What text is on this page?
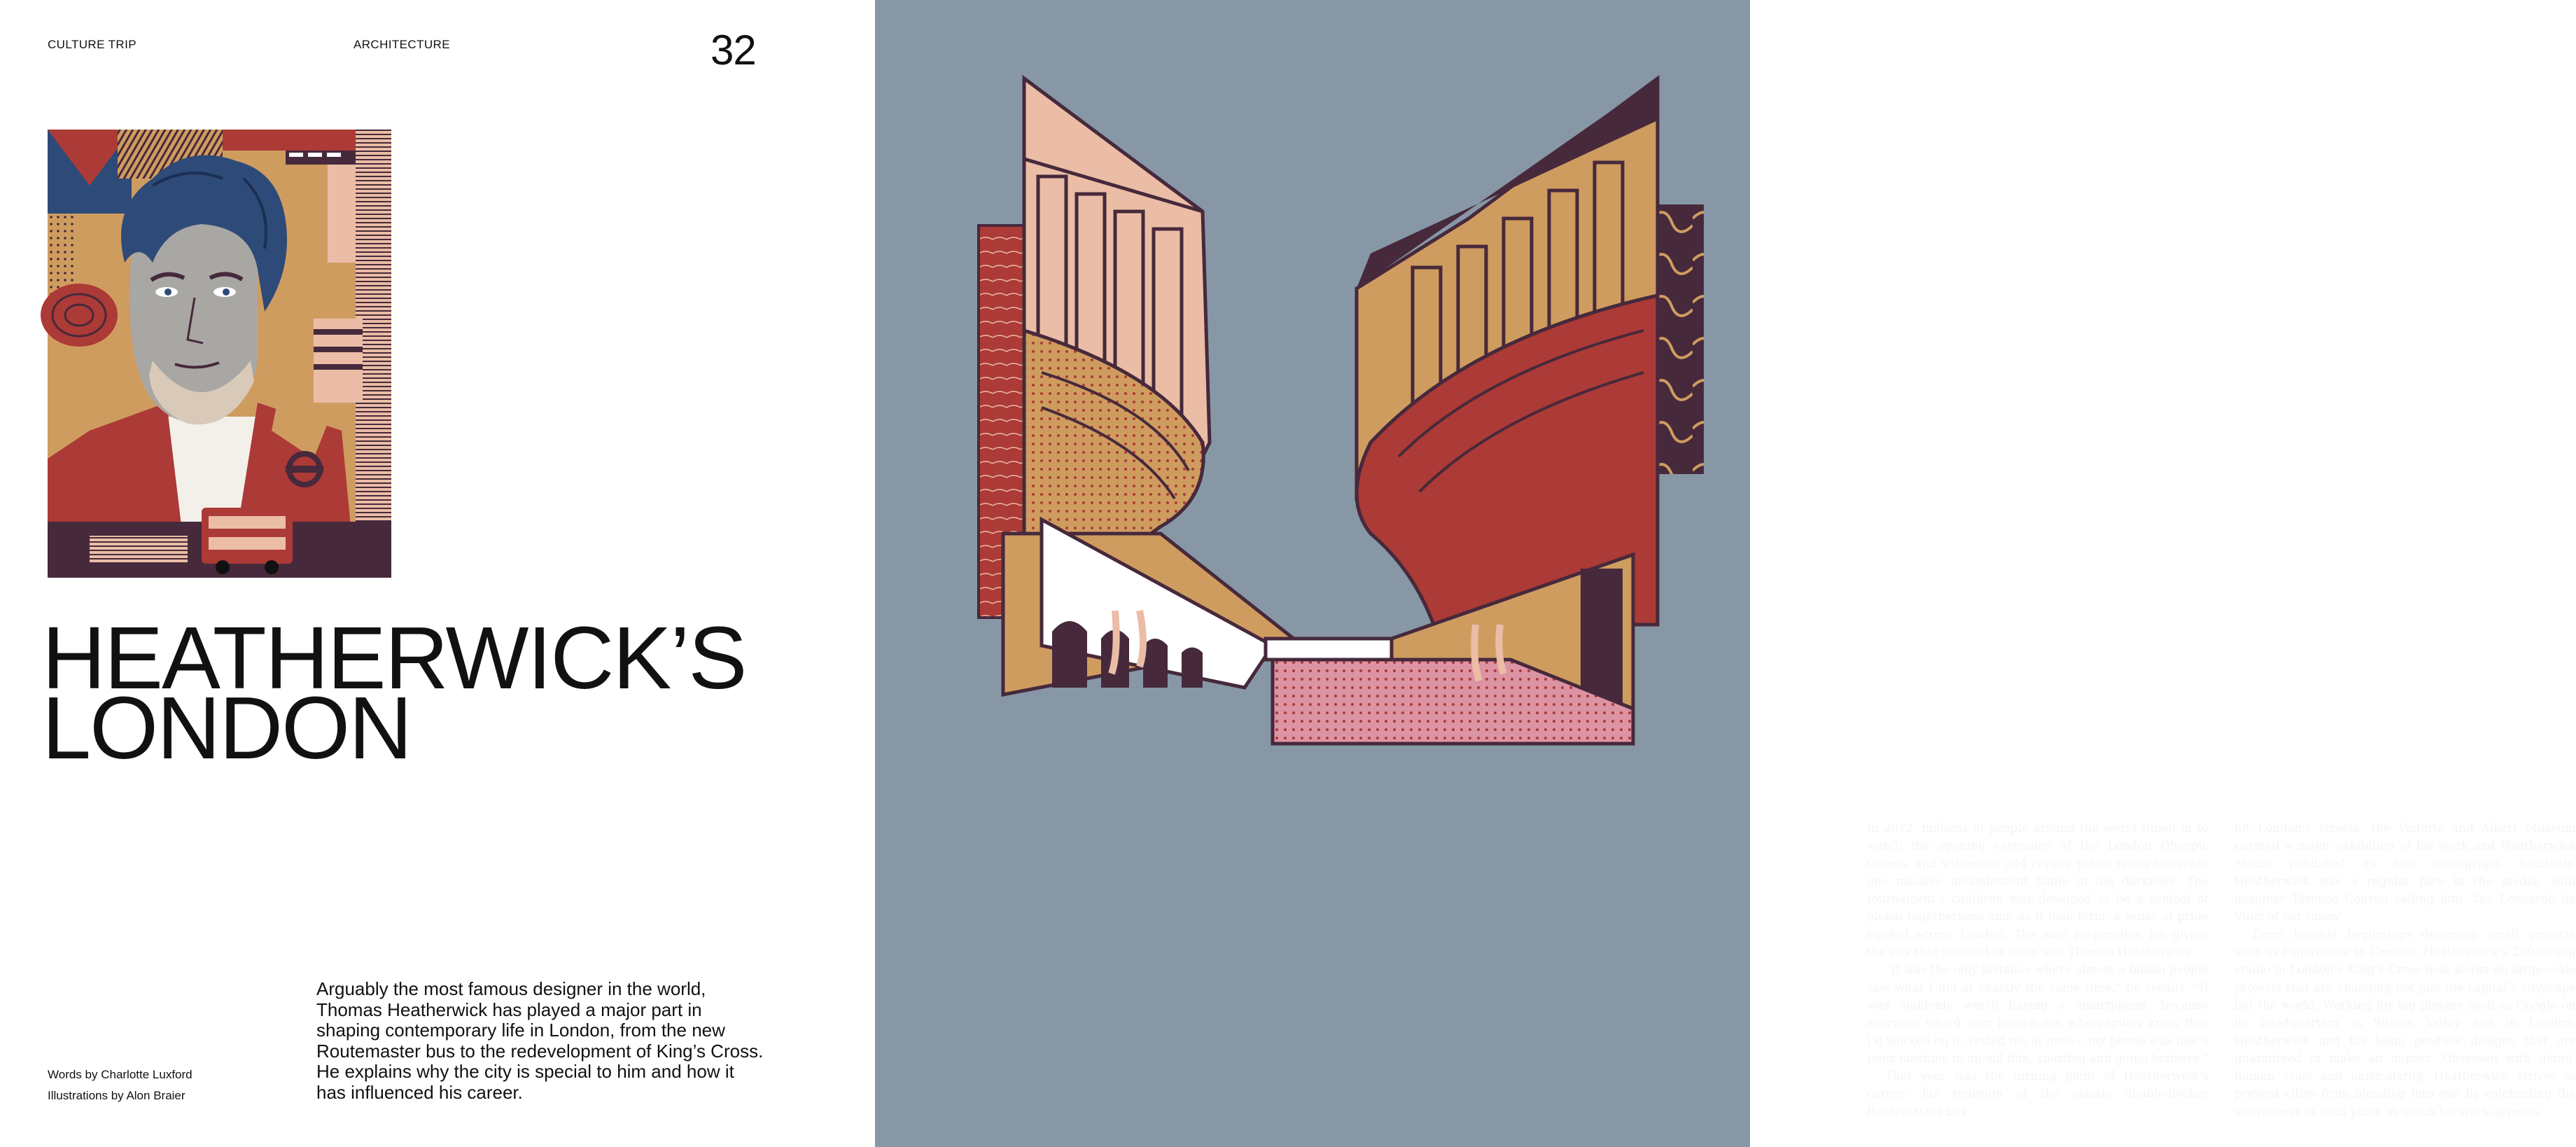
CULTURE TRIP	ARCHITECTURE	32
HEATHERWICK’S
LONDON
Words by Charlotte Luxford
Illustrations by Alon Braier

Arguably the most famous designer in the world, Thomas Heatherwick has played a major part in shaping contemporary life in London, from the new Routemaster bus to the redevelopment of King’s Cross. He explains why the city is special to him and how it has influenced his career.

In 2012, millions of people around the world tuned in to watch the opening ceremony of the London Olympic Games, and witnessed 204 copper petals rising to create one massive incandescent flame in the darkness. The tournament’s cauldron was designed to be a symbol of global togetherness and, as it took form, a sense of pride rippled across London. The man responsible for giving the city that moment of unity was Thomas Heatherwick.

“It was the only instance where almost a billion people saw what I did at exactly the same time,” he recalls. “It was suddenly worth having a smartphone, because everyone who’d ever known me, who vaguely knew that I’d worked on it, texted me at once – my phone was like a telex machine in an old film, spurting and going bonkers.”

That year was the turning point of Heatherwick’s career: his redesign of the classic double-decker Routemaster bus

hit London’s streets, the Victoria and Albert Museum curated a major exhibition of his work and Heatherwick Studio published its first monograph. Suddenly, Heatherwick was a regular face in the media, with designer Terence Conran calling him “the Leonardo da Vinci of our times”.

From humble beginnings designing small projects such as Paperhouse in Chelsea, Heatherwick’s 250-strong studio in London’s King’s Cross now works on large-scale projects that are changing not just the capital’s cityscape but the world. Working for big players such as Google on its headquarters in Silicon Valley and in London, Heatherwick and his team produce designs that are guaranteed to make an impact. Obsessed with detail, human scale and particularity, Heatherwick strives to prevent cities from blending into one by celebrating the uniqueness of each place in which his work appears.
